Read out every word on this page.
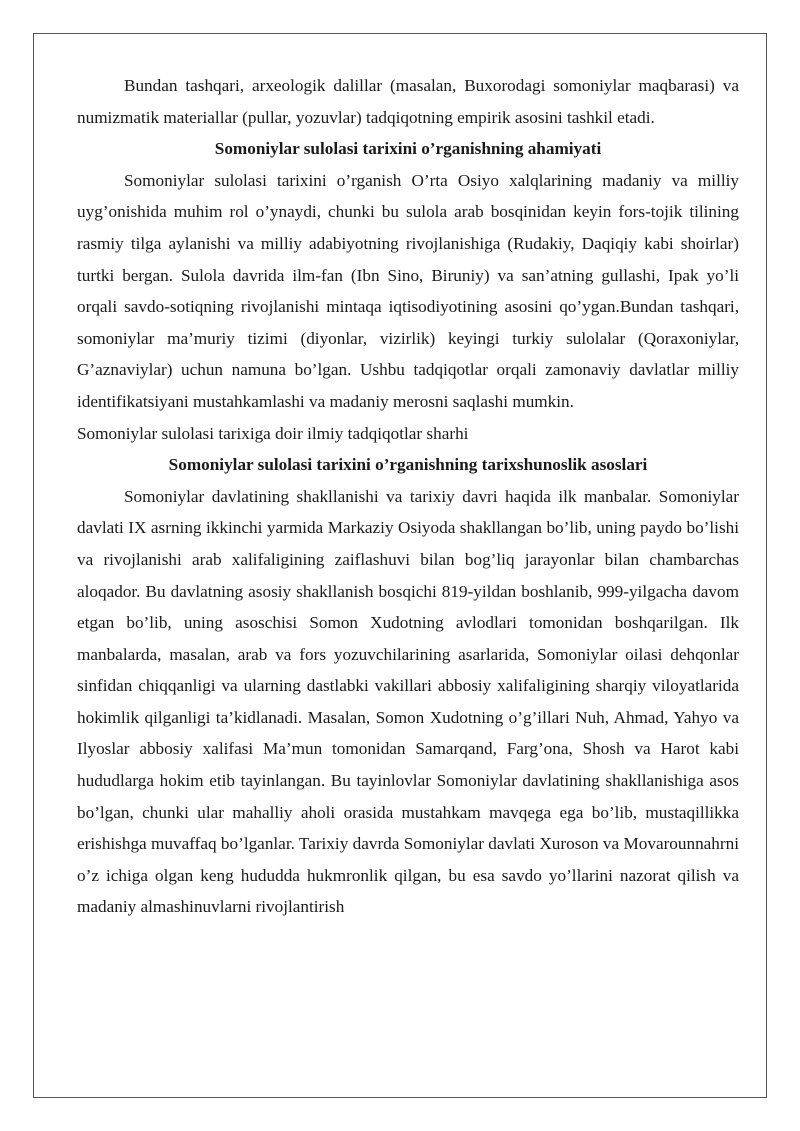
Bundan tashqari, arxeologik dalillar (masalan, Buxorodagi somoniylar maqbarasi) va numizmatik materiallar (pullar, yozuvlar) tadqiqotning empirik asosini tashkil etadi.

Somoniylar sulolasi tarixini o’rganishning ahamiyati

Somoniylar sulolasi tarixini o’rganish O’rta Osiyo xalqlarining madaniy va milliy uyg’onishida muhim rol o’ynaydi, chunki bu sulola arab bosqinidan keyin fors-tojik tilining rasmiy tilga aylanishi va milliy adabiyotning rivojlanishiga (Rudakiy, Daqiqiy kabi shoirlar) turtki bergan. Sulola davrida ilm-fan (Ibn Sino, Biruniy) va san’atning gullashi, Ipak yo’li orqali savdo-sotiqning rivojlanishi mintaqa iqtisodiyotining asosini qo’ygan.Bundan tashqari, somoniylar ma’muriy tizimi (diyonlar, vizirlik) keyingi turkiy sulolalar (Qoraxoniylar, G’aznaviylar) uchun namuna bo’lgan. Ushbu tadqiqotlar orqali zamonaviy davlatlar milliy identifikatsiyani mustahkamlashi va madaniy merosni saqlashi mumkin.

Somoniylar sulolasi tarixiga doir ilmiy tadqiqotlar sharhi

Somoniylar sulolasi tarixini o’rganishning tarixshunoslik asoslari

Somoniylar davlatining shakllanishi va tarixiy davri haqida ilk manbalar. Somoniylar davlati IX asrning ikkinchi yarmida Markaziy Osiyoda shakllangan bo’lib, uning paydo bo’lishi va rivojlanishi arab xalifaligining zaiflashuvi bilan bog’liq jarayonlar bilan chambarchas aloqador. Bu davlatning asosiy shakllanish bosqichi 819-yildan boshlanib, 999-yilgacha davom etgan bo’lib, uning asoschisi Somon Xudotning avlodlari tomonidan boshqarilgan. Ilk manbalarda, masalan, arab va fors yozuvchilarining asarlarida, Somoniylar oilasi dehqonlar sinfidan chiqqanligi va ularning dastlabki vakillari abbosiy xalifaligining sharqiy viloyatlarida hokimlik qilganligi ta’kidlanadi. Masalan, Somon Xudotning o’g’illari Nuh, Ahmad, Yahyo va Ilyoslar abbosiy xalifasi Ma’mun tomonidan Samarqand, Farg’ona, Shosh va Harot kabi hududlarga hokim etib tayinlangan. Bu tayinlovlar Somoniylar davlatining shakllanishiga asos bo’lgan, chunki ular mahalliy aholi orasida mustahkam mavqega ega bo’lib, mustaqillikka erishishga muvaffaq bo’lganlar. Tarixiy davrda Somoniylar davlati Xuroson va Movarounnahrni o’z ichiga olgan keng hududda hukmronlik qilgan, bu esa savdo yo’llarini nazorat qilish va madaniy almashinuvlarni rivojlantirish
